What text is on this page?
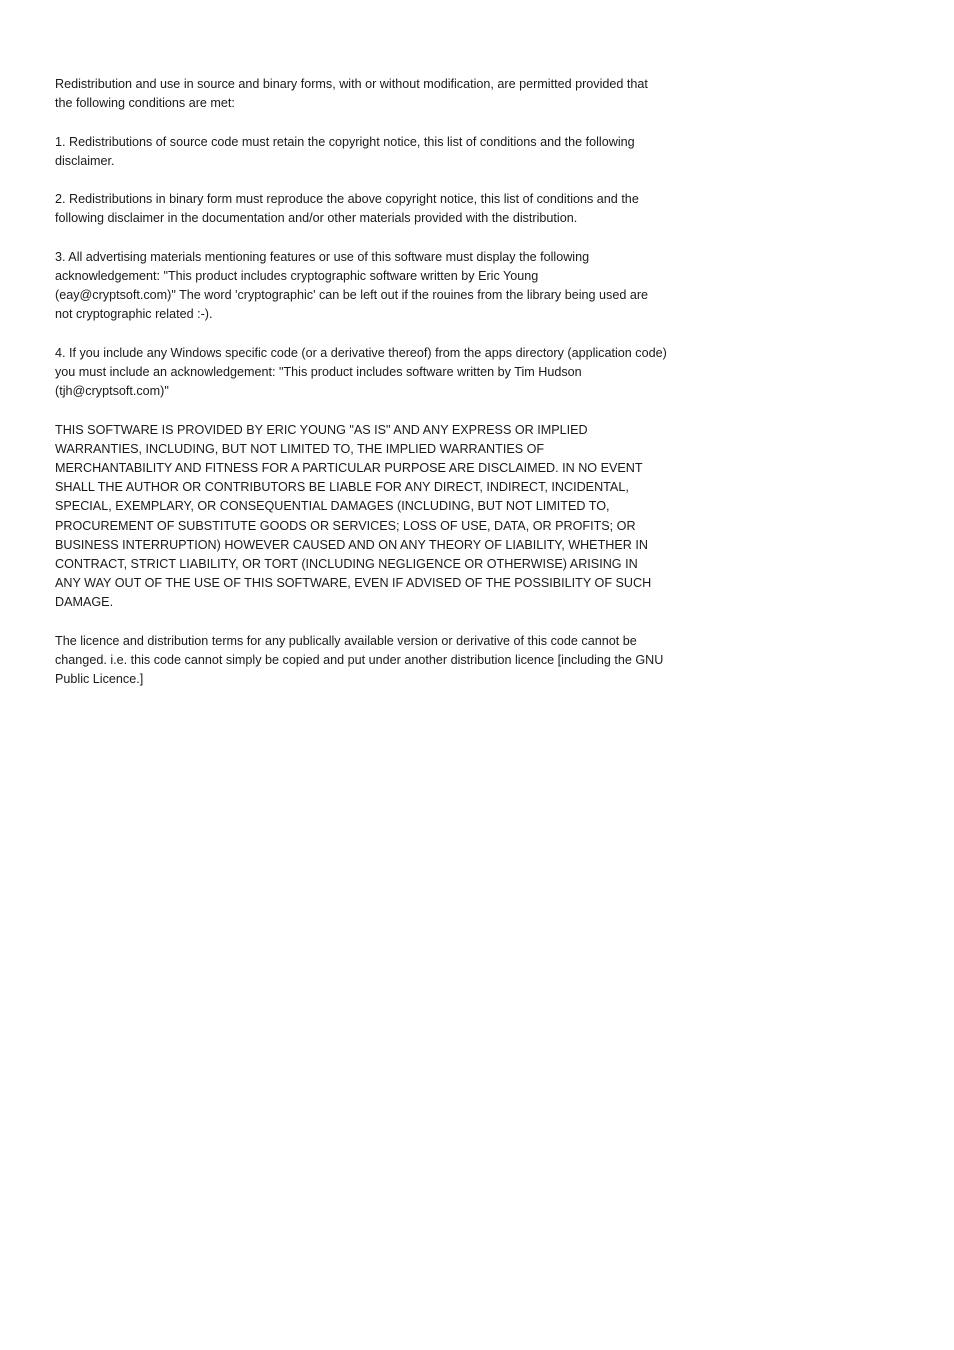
Redistribution and use in source and binary forms, with or without modification, are permitted provided that
the following conditions are met:

1. Redistributions of source code must retain the copyright notice, this list of conditions and the following
disclaimer.

2. Redistributions in binary form must reproduce the above copyright notice, this list of conditions and the
following disclaimer in the documentation and/or other materials provided with the distribution.

3. All advertising materials mentioning features or use of this software must display the following
acknowledgement: "This product includes cryptographic software written by Eric Young
(eay@cryptsoft.com)" The word 'cryptographic' can be left out if the rouines from the library being used are
not cryptographic related :-).

4. If you include any Windows specific code (or a derivative thereof) from the apps directory (application code)
you must include an acknowledgement: "This product includes software written by Tim Hudson
(tjh@cryptsoft.com)"

THIS SOFTWARE IS PROVIDED BY ERIC YOUNG "AS IS" AND ANY EXPRESS OR IMPLIED
WARRANTIES, INCLUDING, BUT NOT LIMITED TO, THE IMPLIED WARRANTIES OF
MERCHANTABILITY AND FITNESS FOR A PARTICULAR PURPOSE ARE DISCLAIMED. IN NO EVENT
SHALL THE AUTHOR OR CONTRIBUTORS BE LIABLE FOR ANY DIRECT, INDIRECT, INCIDENTAL,
SPECIAL, EXEMPLARY, OR CONSEQUENTIAL DAMAGES (INCLUDING, BUT NOT LIMITED TO,
PROCUREMENT OF SUBSTITUTE GOODS OR SERVICES; LOSS OF USE, DATA, OR PROFITS; OR
BUSINESS INTERRUPTION) HOWEVER CAUSED AND ON ANY THEORY OF LIABILITY, WHETHER IN
CONTRACT, STRICT LIABILITY, OR TORT (INCLUDING NEGLIGENCE OR OTHERWISE) ARISING IN
ANY WAY OUT OF THE USE OF THIS SOFTWARE, EVEN IF ADVISED OF THE POSSIBILITY OF SUCH
DAMAGE.

The licence and distribution terms for any publically available version or derivative of this code cannot be
changed. i.e. this code cannot simply be copied and put under another distribution licence [including the GNU
Public Licence.]
